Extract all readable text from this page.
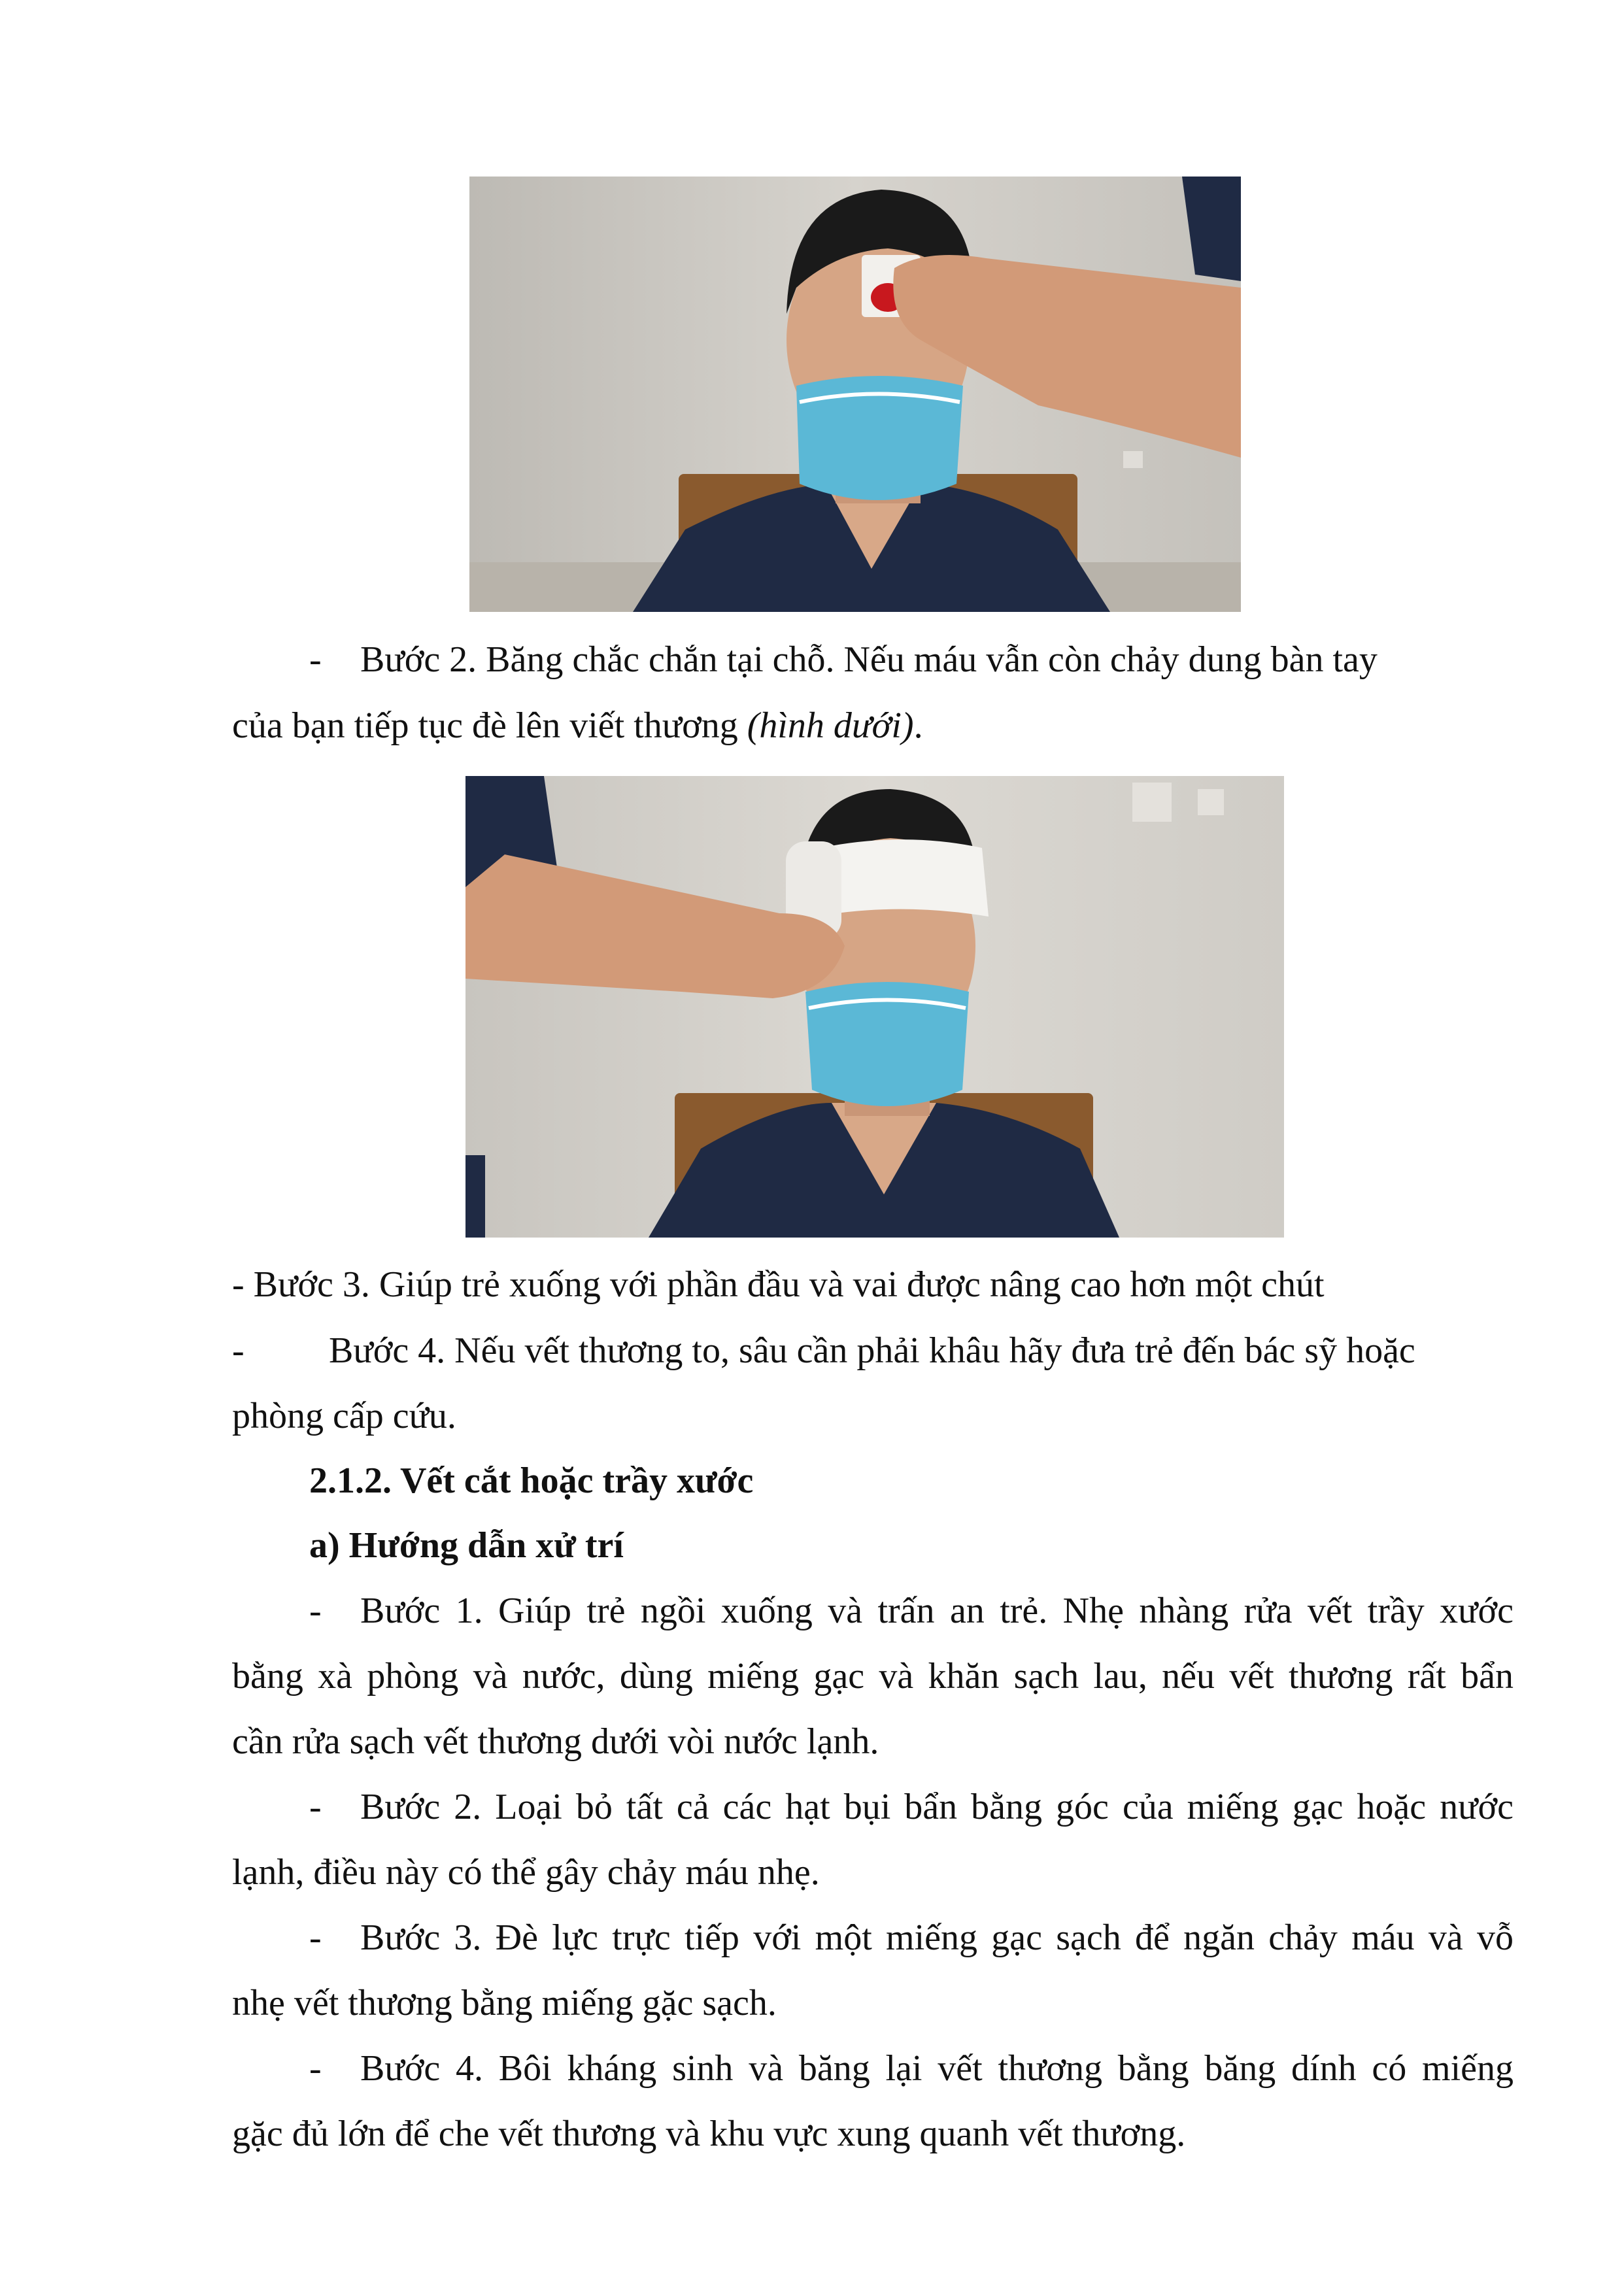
- Bước 2. Băng chắc chắn tại chỗ. Nếu máu vẫn còn chảy dung bàn tay
của bạn tiếp tục đè lên viết thương (hình dưới).
- Bước 3. Giúp trẻ xuống với phần đầu và vai được nâng cao hơn một chút
- Bước 4. Nếu vết thương to, sâu cần phải khâu hãy đưa trẻ đến bác sỹ hoặc
phòng cấp cứu.
2.1.2. Vết cắt hoặc trầy xước
a) Hướng dẫn xử trí
- Bước 1. Giúp trẻ ngồi xuống và trấn an trẻ. Nhẹ nhàng rửa vết trầy xước
bằng xà phòng và nước, dùng miếng gạc và khăn sạch lau, nếu vết thương rất bẩn
cần rửa sạch vết thương dưới vòi nước lạnh.
- Bước 2. Loại bỏ tất cả các hạt bụi bẩn bằng góc của miếng gạc hoặc nước
lạnh, điều này có thể gây chảy máu nhẹ.
- Bước 3. Đè lực trực tiếp với một miếng gạc sạch để ngăn chảy máu và vỗ
nhẹ vết thương bằng miếng gặc sạch.
- Bước 4. Bôi kháng sinh và băng lại vết thương bằng băng dính có miếng
gặc đủ lớn để che vết thương và khu vực xung quanh vết thương.
